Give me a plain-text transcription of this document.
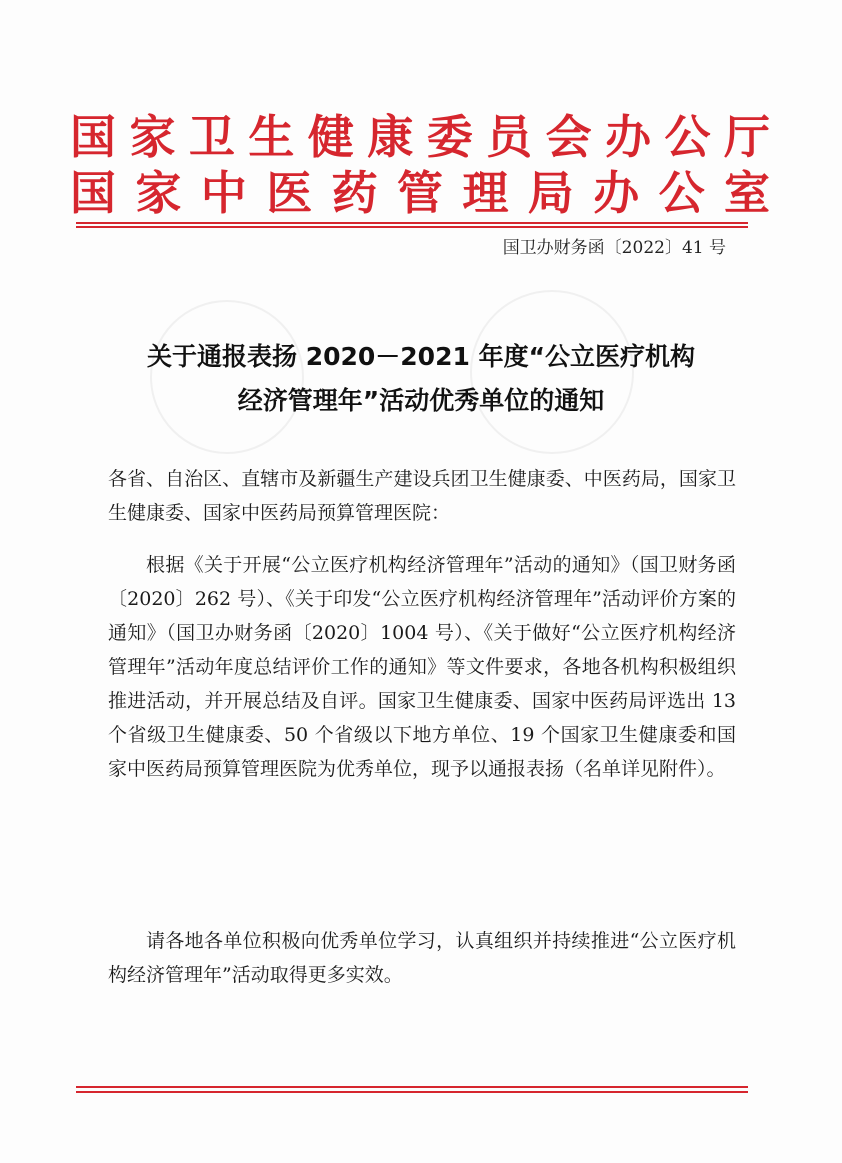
国家卫生健康委员会办公厅
国家中医药管理局办公室
国卫办财务函〔2022〕41 号
关于通报表扬 2020－2021 年度“公立医疗机构
经济管理年”活动优秀单位的通知

各省、自治区、直辖市及新疆生产建设兵团卫生健康委、中医药局，国家卫生健康委、国家中医药局预算管理医院：

根据《关于开展“公立医疗机构经济管理年”活动的通知》（国卫财务函〔2020〕262 号）、《关于印发“公立医疗机构经济管理年”活动评价方案的通知》（国卫办财务函〔2020〕1004 号）、《关于做好“公立医疗机构经济管理年”活动年度总结评价工作的通知》等文件要求，各地各机构积极组织推进活动，并开展总结及自评。国家卫生健康委、国家中医药局评选出 13 个省级卫生健康委、50 个省级以下地方单位、19 个国家卫生健康委和国家中医药局预算管理医院为优秀单位，现予以通报表扬（名单详见附件）。

请各地各单位积极向优秀单位学习，认真组织并持续推进“公立医疗机构经济管理年”活动取得更多实效。
